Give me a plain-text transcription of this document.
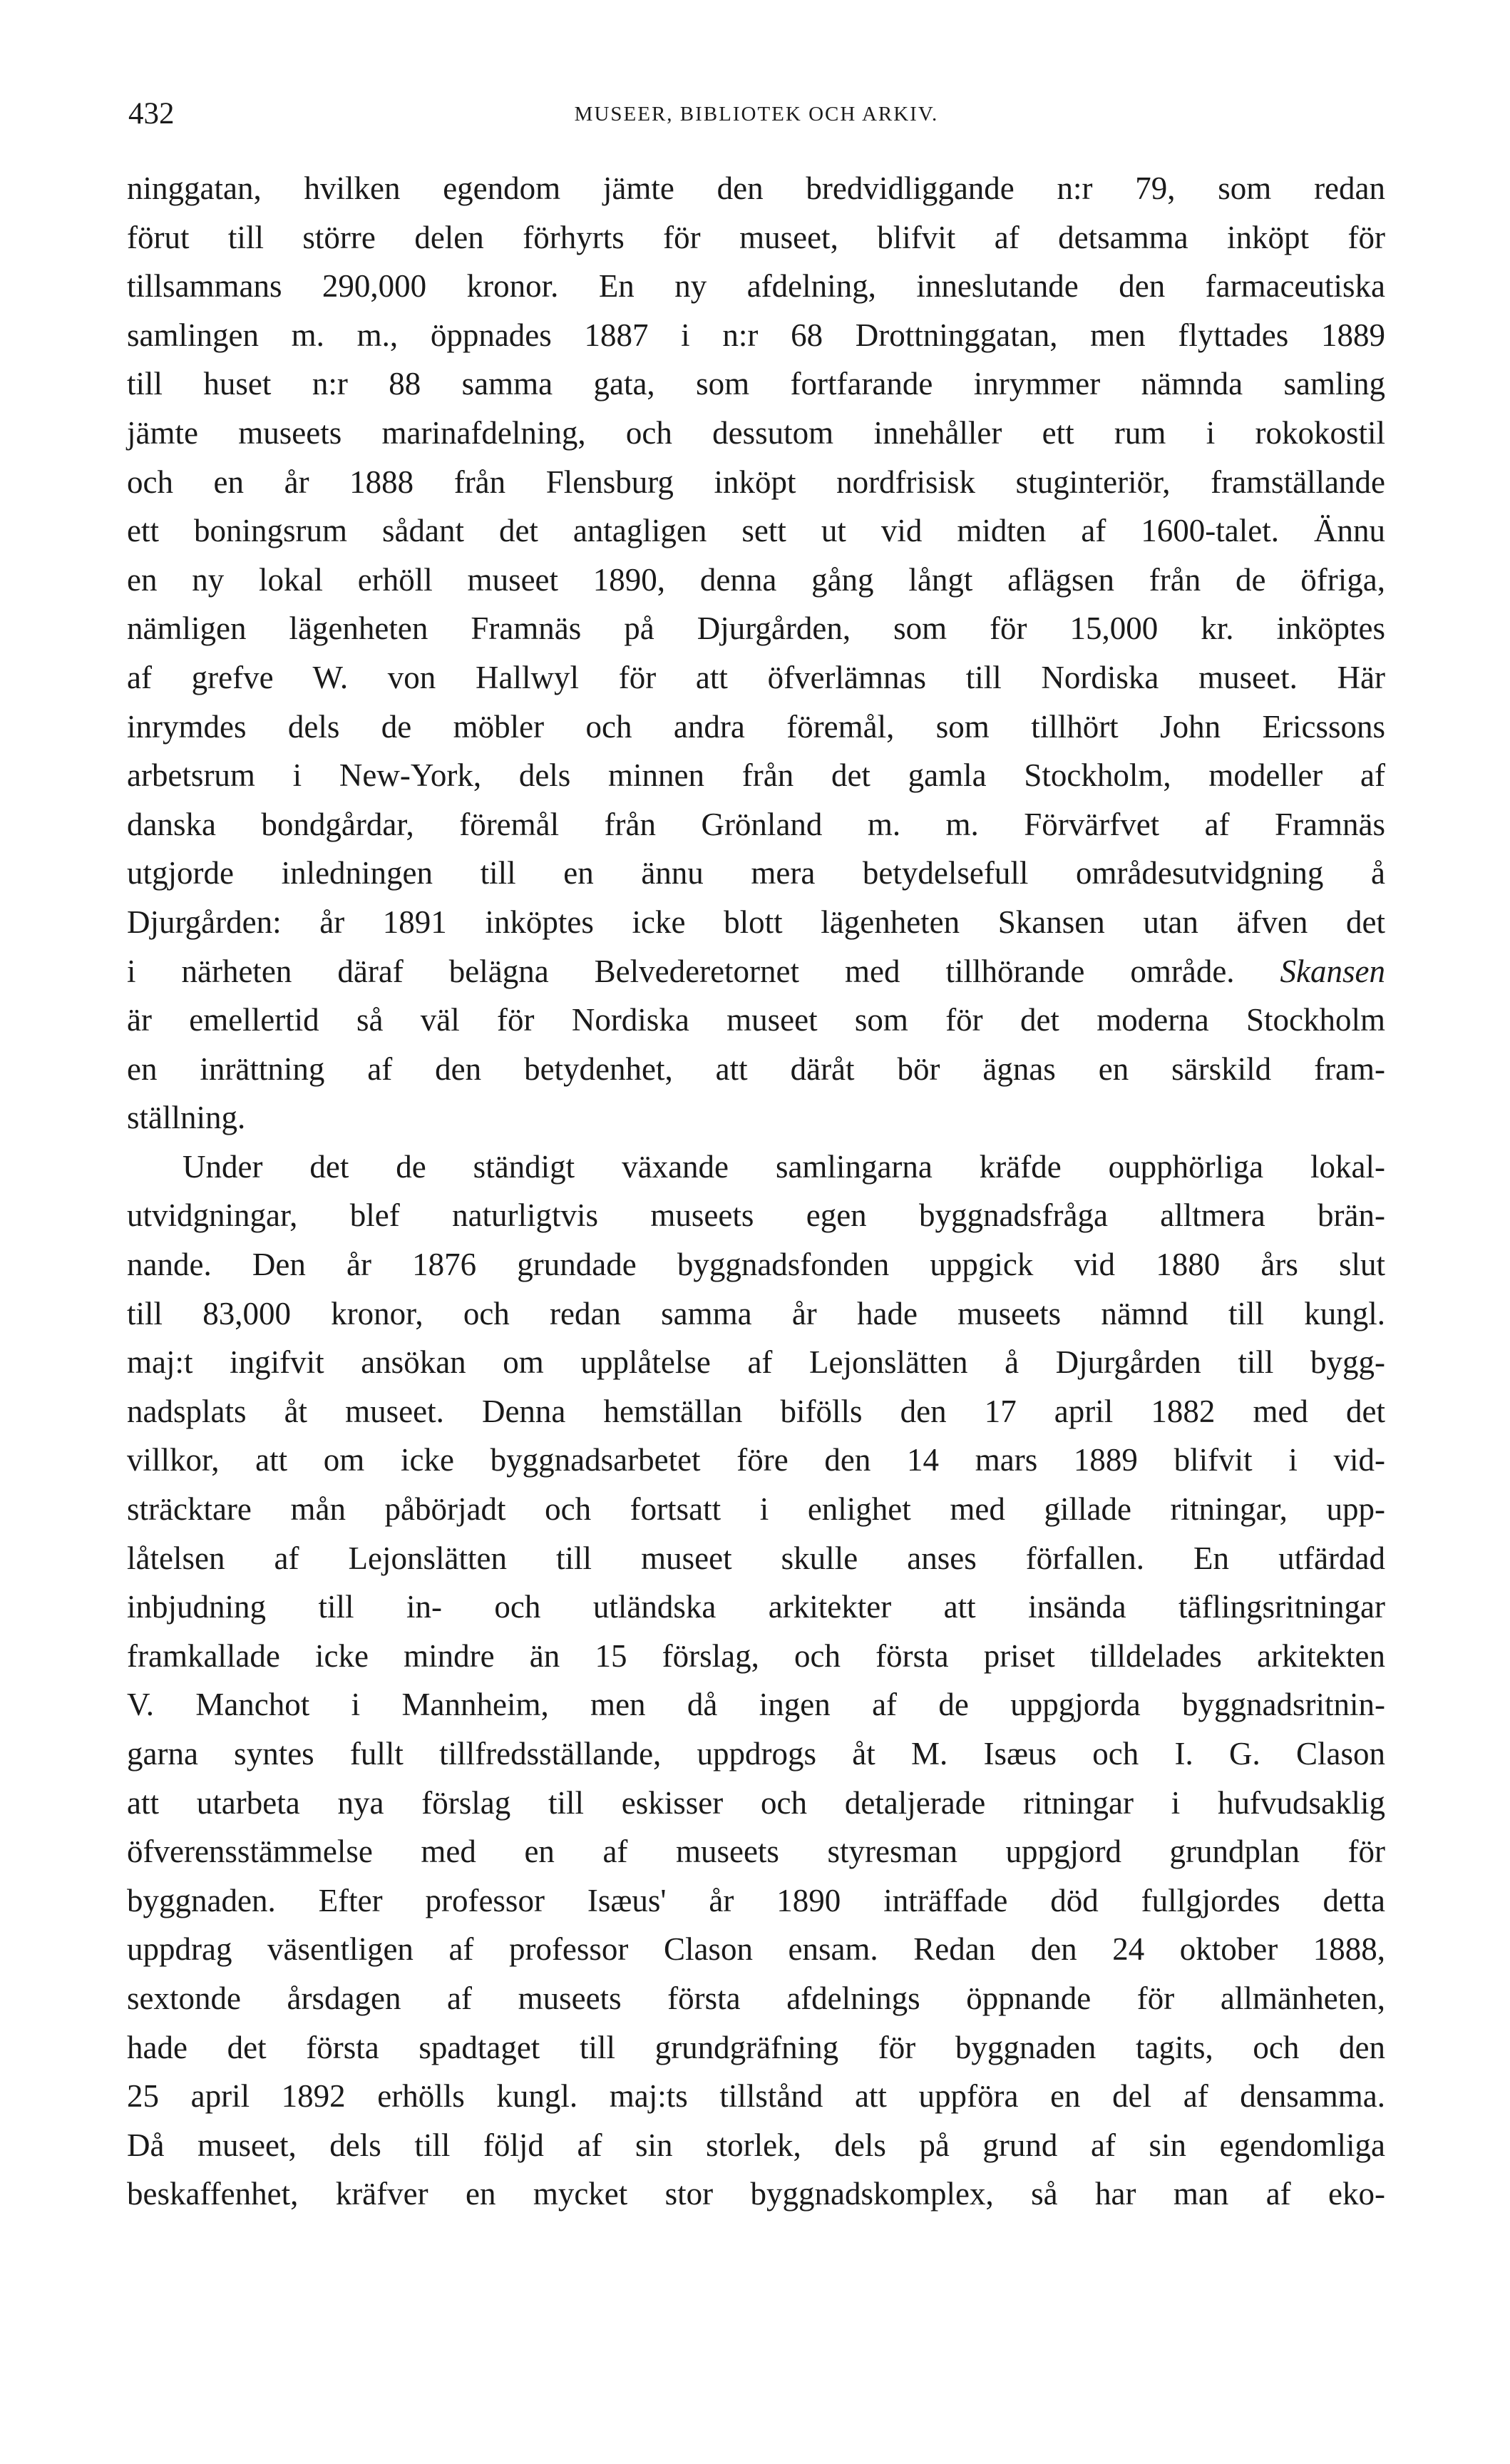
432	MUSEER, BIBLIOTEK OCH ARKIV.
ninggatan, hvilken egendom jämte den bredvidliggande n:r 79, som redan
förut till större delen förhyrts för museet, blifvit af detsamma inköpt för
tillsammans 290,000 kronor. En ny afdelning, inneslutande den farmaceutiska
samlingen m. m., öppnades 1887 i n:r 68 Drottninggatan, men flyttades 1889
till huset n:r 88 samma gata, som fortfarande inrymmer nämnda samling
jämte museets marinafdelning, och dessutom innehåller ett rum i rokokostil
och en år 1888 från Flensburg inköpt nordfrisisk stuginteriör, framställande
ett boningsrum sådant det antagligen sett ut vid midten af 1600-talet. Ännu
en ny lokal erhöll museet 1890, denna gång långt aflägsen från de öfriga,
nämligen lägenheten Framnäs på Djurgården, som för 15,000 kr. inköptes
af grefve W. von Hallwyl för att öfverlämnas till Nordiska museet. Här
inrymdes dels de möbler och andra föremål, som tillhört John Ericssons
arbetsrum i New-York, dels minnen från det gamla Stockholm, modeller af
danska bondgårdar, föremål från Grönland m. m. Förvärfvet af Framnäs
utgjorde inledningen till en ännu mera betydelsefull områdesutvidgning å
Djurgården: år 1891 inköptes icke blott lägenheten Skansen utan äfven det
i närheten däraf belägna Belvederetornet med tillhörande område. Skansen
är emellertid så väl för Nordiska museet som för det moderna Stockholm
en inrättning af den betydenhet, att däråt bör ägnas en särskild fram-
ställning.
Under det de ständigt växande samlingarna kräfde oupphörliga lokal-
utvidgningar, blef naturligtvis museets egen byggnadsfråga alltmera brän-
nande. Den år 1876 grundade byggnadsfonden uppgick vid 1880 års slut
till 83,000 kronor, och redan samma år hade museets nämnd till kungl.
maj:t ingifvit ansökan om upplåtelse af Lejonslätten å Djurgården till bygg-
nadsplats åt museet. Denna hemställan bifölls den 17 april 1882 med det
villkor, att om icke byggnadsarbetet före den 14 mars 1889 blifvit i vid-
sträcktare mån påbörjadt och fortsatt i enlighet med gillade ritningar, upp-
låtelsen af Lejonslätten till museet skulle anses förfallen. En utfärdad
inbjudning till in- och utländska arkitekter att insända täflingsritningar
framkallade icke mindre än 15 förslag, och första priset tilldelades arkitekten
V. Manchot i Mannheim, men då ingen af de uppgjorda byggnadsritnin-
garna syntes fullt tillfredsställande, uppdrogs åt M. Isæus och I. G. Clason
att utarbeta nya förslag till eskisser och detaljerade ritningar i hufvudsaklig
öfverensstämmelse med en af museets styresman uppgjord grundplan för
byggnaden. Efter professor Isæus' år 1890 inträffade död fullgjordes detta
uppdrag väsentligen af professor Clason ensam. Redan den 24 oktober 1888,
sextonde årsdagen af museets första afdelnings öppnande för allmänheten,
hade det första spadtaget till grundgräfning för byggnaden tagits, och den
25 april 1892 erhölls kungl. maj:ts tillstånd att uppföra en del af densamma.
Då museet, dels till följd af sin storlek, dels på grund af sin egendomliga
beskaffenhet, kräfver en mycket stor byggnadskomplex, så har man af eko-
